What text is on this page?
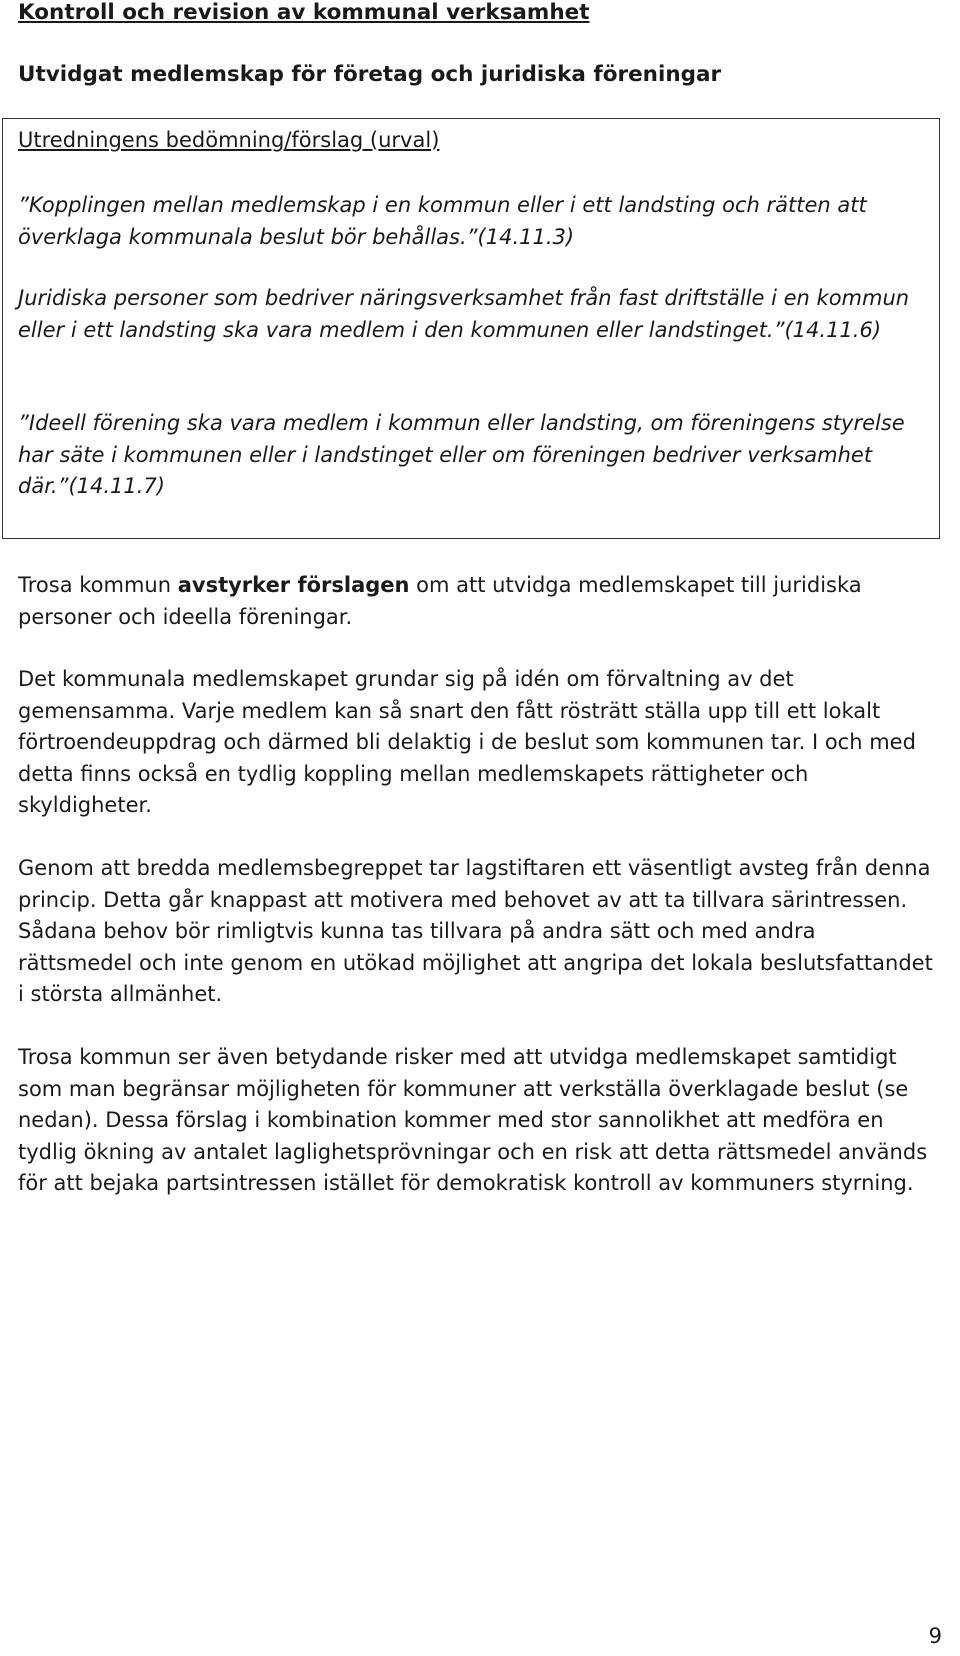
Kontroll och revision av kommunal verksamhet
Utvidgat medlemskap för företag och juridiska föreningar

Utredningens bedömning/förslag (urval)

”Kopplingen mellan medlemskap i en kommun eller i ett landsting och rätten att överklaga kommunala beslut bör behållas.”(14.11.3)

Juridiska personer som bedriver näringsverksamhet från fast driftställe i en kommun eller i ett landsting ska vara medlem i den kommunen eller landstinget.”(14.11.6)

”Ideell förening ska vara medlem i kommun eller landsting, om föreningens styrelse har säte i kommunen eller i landstinget eller om föreningen bedriver verksamhet där.”(14.11.7)

Trosa kommun avstyrker förslagen om att utvidga medlemskapet till juridiska personer och ideella föreningar.

Det kommunala medlemskapet grundar sig på idén om förvaltning av det gemensamma. Varje medlem kan så snart den fått rösträtt ställa upp till ett lokalt förtroendeuppdrag och därmed bli delaktig i de beslut som kommunen tar. I och med detta finns också en tydlig koppling mellan medlemskapets rättigheter och skyldigheter.

Genom att bredda medlemsbegreppet tar lagstiftaren ett väsentligt avsteg från denna princip. Detta går knappast att motivera med behovet av att ta tillvara särintressen. Sådana behov bör rimligtvis kunna tas tillvara på andra sätt och med andra rättsmedel och inte genom en utökad möjlighet att angripa det lokala beslutsfattandet i största allmänhet.

Trosa kommun ser även betydande risker med att utvidga medlemskapet samtidigt som man begränsar möjligheten för kommuner att verkställa överklagade beslut (se nedan). Dessa förslag i kombination kommer med stor sannolikhet att medföra en tydlig ökning av antalet laglighetsprövningar och en risk att detta rättsmedel används för att bejaka partsintressen istället för demokratisk kontroll av kommuners styrning.

9
